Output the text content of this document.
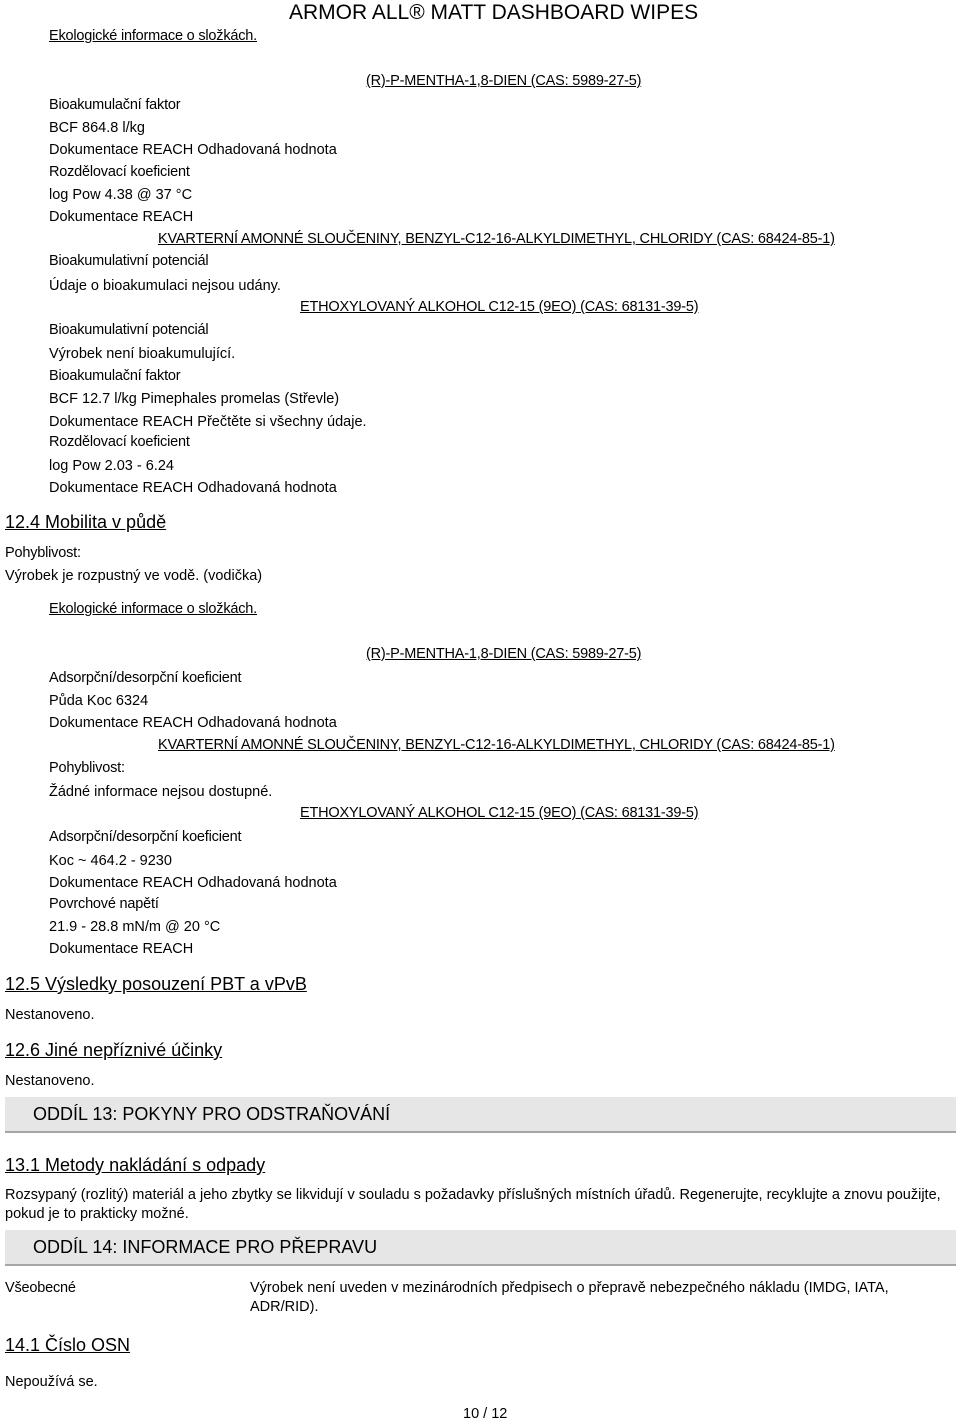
Ekologické informace o složkách.
ARMOR ALL® MATT DASHBOARD WIPES
(R)-P-MENTHA-1,8-DIEN (CAS: 5989-27-5)
Bioakumulační faktor
BCF 864.8 l/kg
Dokumentace REACH Odhadovaná hodnota
Rozdělovací koeficient
log Pow 4.38 @ 37 °C
Dokumentace REACH
KVARTERNÍ AMONNÉ SLOUČENINY, BENZYL-C12-16-ALKYLDIMETHYL, CHLORIDY (CAS: 68424-85-1)
Bioakumulativní potenciál
Údaje o bioakumulaci nejsou udány.
ETHOXYLOVANÝ ALKOHOL C12-15 (9EO) (CAS: 68131-39-5)
Bioakumulativní potenciál
Výrobek není bioakumulující.
Bioakumulační faktor
BCF 12.7 l/kg Pimephales promelas (Střevle)
Dokumentace REACH Přečtěte si všechny údaje.
Rozdělovací koeficient
log Pow 2.03 - 6.24
Dokumentace REACH Odhadovaná hodnota
12.4 Mobilita v půdě
Pohyblivost:
Výrobek je rozpustný ve vodě. (vodička)
Ekologické informace o složkách.
(R)-P-MENTHA-1,8-DIEN (CAS: 5989-27-5)
Adsorpční/desorpční koeficient
Půda Koc 6324
Dokumentace REACH Odhadovaná hodnota
KVARTERNÍ AMONNÉ SLOUČENINY, BENZYL-C12-16-ALKYLDIMETHYL, CHLORIDY (CAS: 68424-85-1)
Pohyblivost:
Žádné informace nejsou dostupné.
ETHOXYLOVANÝ ALKOHOL C12-15 (9EO) (CAS: 68131-39-5)
Adsorpční/desorpční koeficient
Koc ~ 464.2 - 9230
Dokumentace REACH Odhadovaná hodnota
Povrchové napětí
21.9 - 28.8 mN/m @ 20 °C
Dokumentace REACH
12.5 Výsledky posouzení PBT a vPvB
Nestanoveno.
12.6 Jiné nepříznivé účinky
Nestanoveno.
ODDÍL 13: POKYNY PRO ODSTRAŇOVÁNÍ
13.1 Metody nakládání s odpady
Rozsypaný (rozlitý) materiál a jeho zbytky se likvidují v souladu s požadavky příslušných místních úřadů. Regenerujte, recyklujte a znovu použijte, pokud je to prakticky možné.
ODDÍL 14: INFORMACE PRO PŘEPRAVU
Všeobecné	Výrobek není uveden v mezinárodních předpisech o přepravě nebezpečného nákladu (IMDG, IATA, ADR/RID).
14.1 Číslo OSN
Nepoužívá se.
10 / 12
